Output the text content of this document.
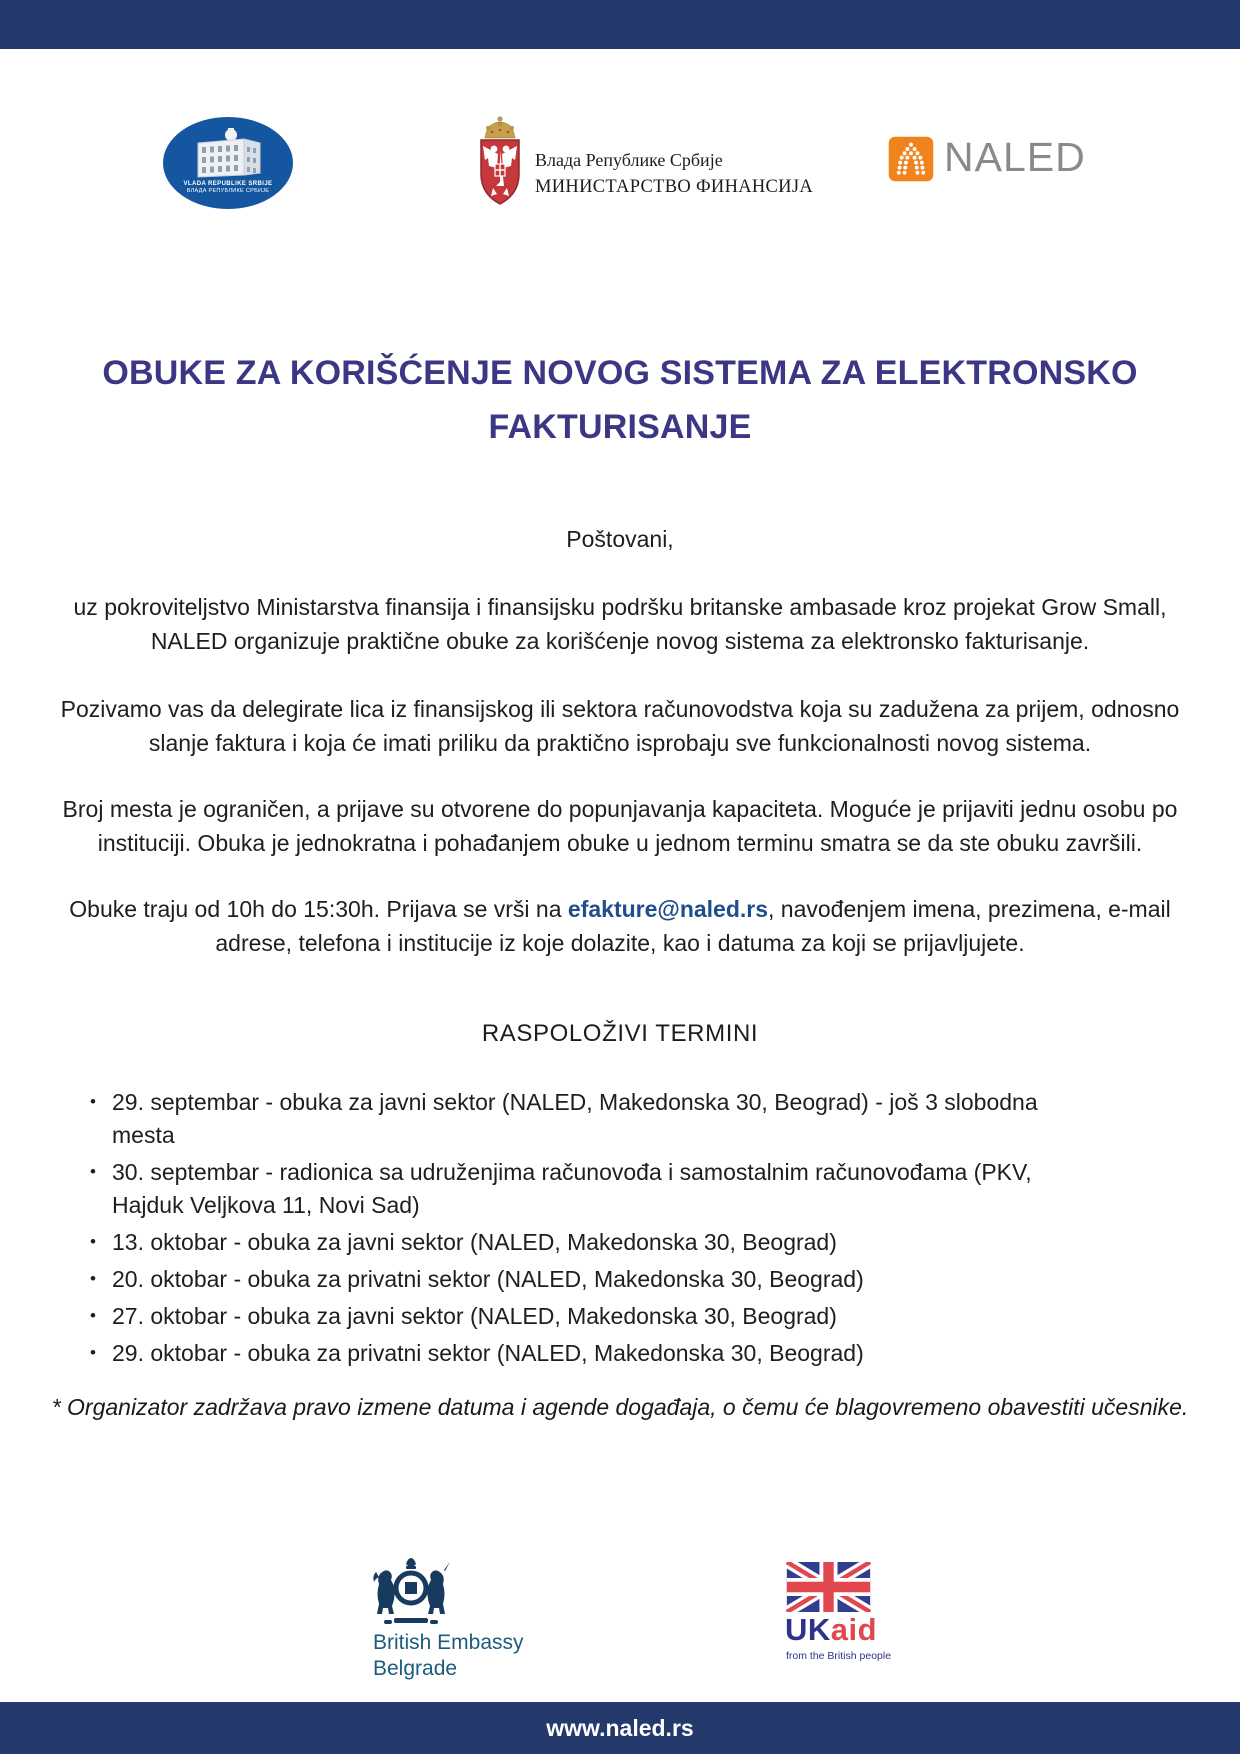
VLADA REPUBLIKE SRBIJE
ВЛАДА РЕПУБЛИКЕ СРБИЈЕ
Влада Републике Србије
МИНИСТАРСТВО ФИНАНСИЈА
NALED
OBUKE ZA KORIŠĆENJE NOVOG SISTEMA ZA ELEKTRONSKO FAKTURISANJE

Poštovani,

uz pokroviteljstvo Ministarstva finansija i finansijsku podršku britanske ambasade kroz projekat Grow Small, NALED organizuje praktične obuke za korišćenje novog sistema za elektronsko fakturisanje.

Pozivamo vas da delegirate lica iz finansijskog ili sektora računovodstva koja su zadužena za prijem, odnosno slanje faktura i koja će imati priliku da praktično isprobaju sve funkcionalnosti novog sistema.

Broj mesta je ograničen, a prijave su otvorene do popunjavanja kapaciteta. Moguće je prijaviti jednu osobu po instituciji. Obuka je jednokratna i pohađanjem obuke u jednom terminu smatra se da ste obuku završili.

Obuke traju od 10h do 15:30h. Prijava se vrši na efakture@naled.rs, navođenjem imena, prezimena, e-mail adrese, telefona i institucije iz koje dolazite, kao i datuma za koji se prijavljujete.

RASPOLOŽIVI TERMINI
• 29. septembar - obuka za javni sektor (NALED, Makedonska 30, Beograd) - još 3 slobodna mesta
• 30. septembar - radionica sa udruženjima računovođa i samostalnim računovođama (PKV, Hajduk Veljkova 11, Novi Sad)
• 13. oktobar - obuka za javni sektor (NALED, Makedonska 30, Beograd)
• 20. oktobar - obuka za privatni sektor (NALED, Makedonska 30, Beograd)
• 27. oktobar - obuka za javni sektor (NALED, Makedonska 30, Beograd)
• 29. oktobar - obuka za privatni sektor (NALED, Makedonska 30, Beograd)

* Organizator zadržava pravo izmene datuma i agende događaja, o čemu će blagovremeno obavestiti učesnike.

British Embassy
Belgrade
UKaid
from the British people
www.naled.rs
